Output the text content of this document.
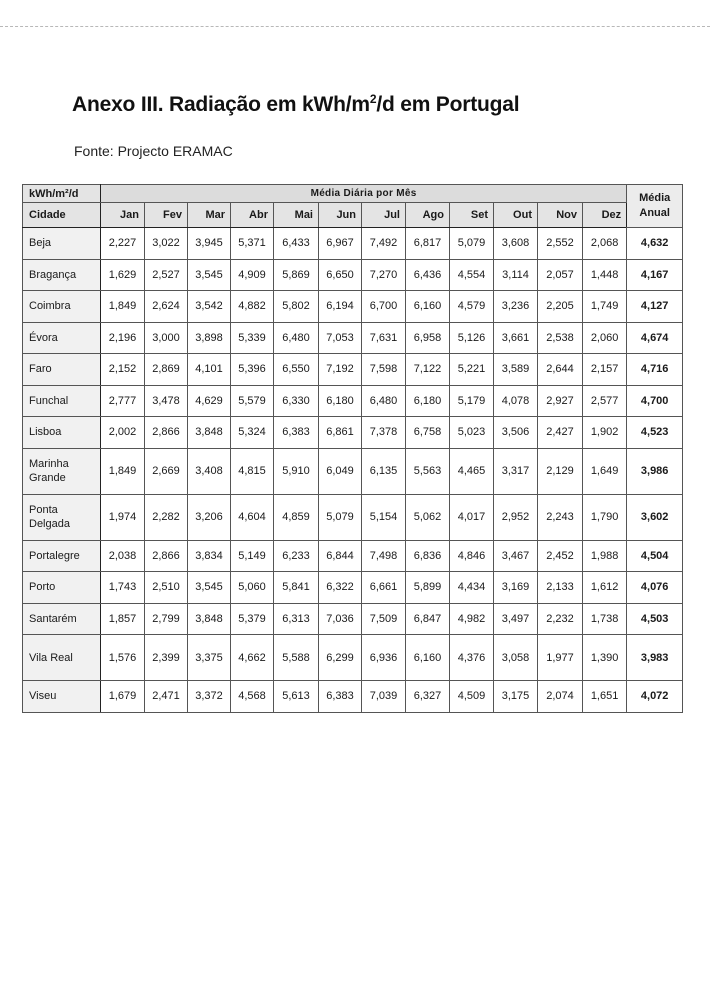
Anexo III. Radiação em kWh/$m^2/d$ em Portugal

Fonte: Projecto ERAMAC

kWh/m²/d	Média Diária por Mês												Média
Anual
Cidade	Jan	Fev	Mar	Abr	Mai	Jun	Jul	Ago	Set	Out	Nov	Dez	
Beja	2,227	3,022	3,945	5,371	6,433	6,967	7,492	6,817	5,079	3,608	2,552	2,068	4,632
Bragança	1,629	2,527	3,545	4,909	5,869	6,650	7,270	6,436	4,554	3,114	2,057	1,448	4,167
Coimbra	1,849	2,624	3,542	4,882	5,802	6,194	6,700	6,160	4,579	3,236	2,205	1,749	4,127
Évora	2,196	3,000	3,898	5,339	6,480	7,053	7,631	6,958	5,126	3,661	2,538	2,060	4,674
Faro	2,152	2,869	4,101	5,396	6,550	7,192	7,598	7,122	5,221	3,589	2,644	2,157	4,716
Funchal	2,777	3,478	4,629	5,579	6,330	6,180	6,480	6,180	5,179	4,078	2,927	2,577	4,700
Lisboa	2,002	2,866	3,848	5,324	6,383	6,861	7,378	6,758	5,023	3,506	2,427	1,902	4,523
Marinha Grande	1,849	2,669	3,408	4,815	5,910	6,049	6,135	5,563	4,465	3,317	2,129	1,649	3,986
Ponta Delgada	1,974	2,282	3,206	4,604	4,859	5,079	5,154	5,062	4,017	2,952	2,243	1,790	3,602
Portalegre	2,038	2,866	3,834	5,149	6,233	6,844	7,498	6,836	4,846	3,467	2,452	1,988	4,504
Porto	1,743	2,510	3,545	5,060	5,841	6,322	6,661	5,899	4,434	3,169	2,133	1,612	4,076
Santarém	1,857	2,799	3,848	5,379	6,313	7,036	7,509	6,847	4,982	3,497	2,232	1,738	4,503
Vila Real	1,576	2,399	3,375	4,662	5,588	6,299	6,936	6,160	4,376	3,058	1,977	1,390	3,983
Viseu	1,679	2,471	3,372	4,568	5,613	6,383	7,039	6,327	4,509	3,175	2,074	1,651	4,072
